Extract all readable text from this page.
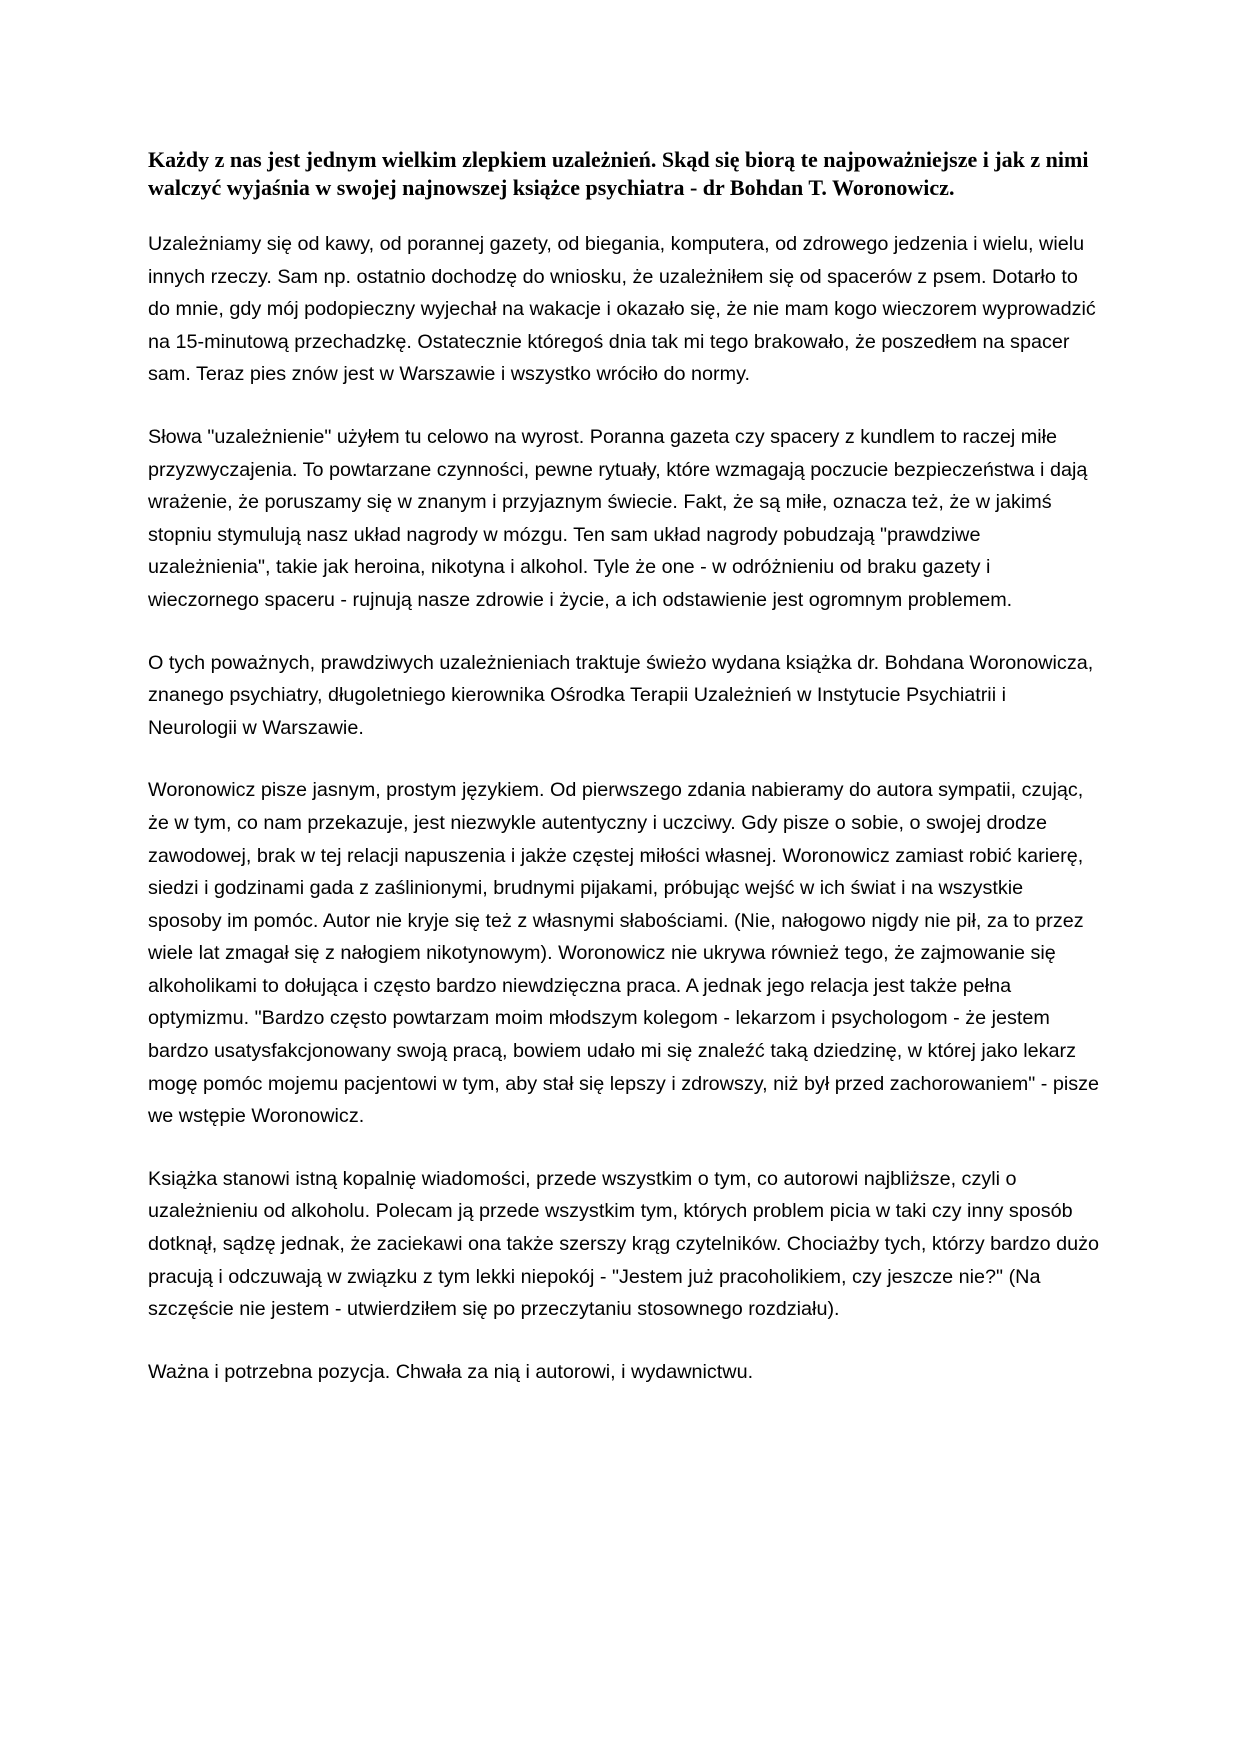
Każdy z nas jest jednym wielkim zlepkiem uzależnień. Skąd się biorą te najpoważniejsze i jak z nimi walczyć wyjaśnia w swojej najnowszej książce psychiatra - dr Bohdan T. Woronowicz.

Uzależniamy się od kawy, od porannej gazety, od biegania, komputera, od zdrowego jedzenia i wielu, wielu innych rzeczy. Sam np. ostatnio dochodzę do wniosku, że uzależniłem się od spacerów z psem. Dotarło to do mnie, gdy mój podopieczny wyjechał na wakacje i okazało się, że nie mam kogo wieczorem wyprowadzić na 15-minutową przechadzkę. Ostatecznie któregoś dnia tak mi tego brakowało, że poszedłem na spacer sam. Teraz pies znów jest w Warszawie i wszystko wróciło do normy.

Słowa "uzależnienie" użyłem tu celowo na wyrost. Poranna gazeta czy spacery z kundlem to raczej miłe przyzwyczajenia. To powtarzane czynności, pewne rytuały, które wzmagają poczucie bezpieczeństwa i dają wrażenie, że poruszamy się w znanym i przyjaznym świecie. Fakt, że są miłe, oznacza też, że w jakimś stopniu stymulują nasz układ nagrody w mózgu. Ten sam układ nagrody pobudzają "prawdziwe uzależnienia", takie jak heroina, nikotyna i alkohol. Tyle że one - w odróżnieniu od braku gazety i wieczornego spaceru - rujnują nasze zdrowie i życie, a ich odstawienie jest ogromnym problemem.

O tych poważnych, prawdziwych uzależnieniach traktuje świeżo wydana książka dr. Bohdana Woronowicza, znanego psychiatry, długoletniego kierownika Ośrodka Terapii Uzależnień w Instytucie Psychiatrii i Neurologii w Warszawie.

Woronowicz pisze jasnym, prostym językiem. Od pierwszego zdania nabieramy do autora sympatii, czując, że w tym, co nam przekazuje, jest niezwykle autentyczny i uczciwy. Gdy pisze o sobie, o swojej drodze zawodowej, brak w tej relacji napuszenia i jakże częstej miłości własnej. Woronowicz zamiast robić karierę, siedzi i godzinami gada z zaślinionymi, brudnymi pijakami, próbując wejść w ich świat i na wszystkie sposoby im pomóc. Autor nie kryje się też z własnymi słabościami. (Nie, nałogowo nigdy nie pił, za to przez wiele lat zmagał się z nałogiem nikotynowym). Woronowicz nie ukrywa również tego, że zajmowanie się alkoholikami to dołująca i często bardzo niewdzięczna praca. A jednak jego relacja jest także pełna optymizmu. "Bardzo często powtarzam moim młodszym kolegom - lekarzom i psychologom - że jestem bardzo usatysfakcjonowany swoją pracą, bowiem udało mi się znaleźć taką dziedzinę, w której jako lekarz mogę pomóc mojemu pacjentowi w tym, aby stał się lepszy i zdrowszy, niż był przed zachorowaniem" - pisze we wstępie Woronowicz.

Książka stanowi istną kopalnię wiadomości, przede wszystkim o tym, co autorowi najbliższe, czyli o uzależnieniu od alkoholu. Polecam ją przede wszystkim tym, których problem picia w taki czy inny sposób dotknął, sądzę jednak, że zaciekawi ona także szerszy krąg czytelników. Chociażby tych, którzy bardzo dużo pracują i odczuwają w związku z tym lekki niepokój - "Jestem już pracoholikiem, czy jeszcze nie?" (Na szczęście nie jestem - utwierdziłem się po przeczytaniu stosownego rozdziału).

Ważna i potrzebna pozycja. Chwała za nią i autorowi, i wydawnictwu.
